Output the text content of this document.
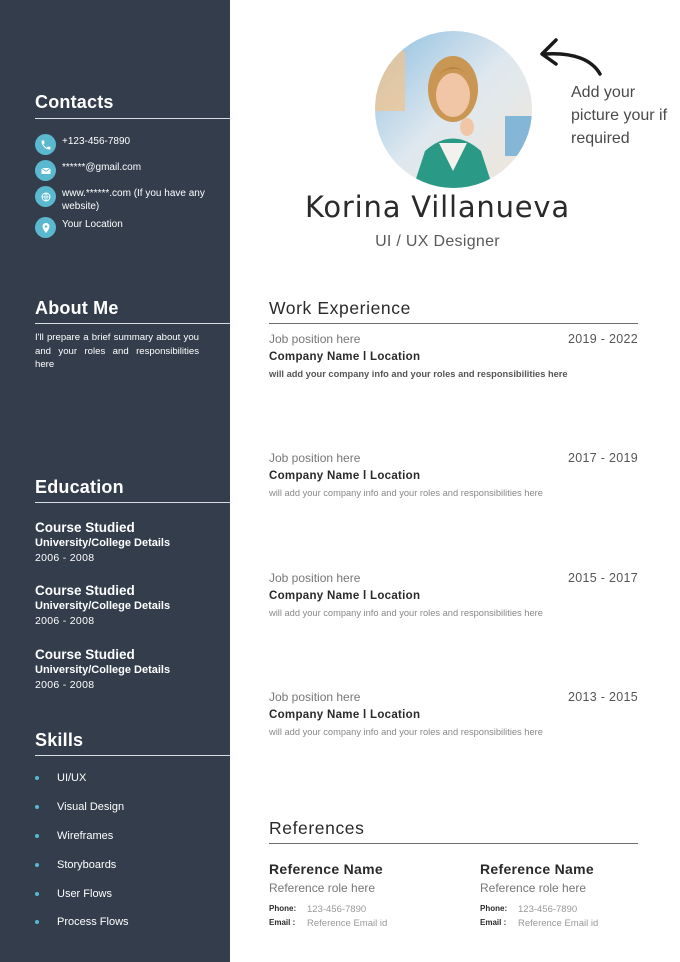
Contacts
+123-456-7890
******@gmail.com
www.******.com (If you have any website)
Your Location
About Me
I'll prepare a brief summary about you and your roles and responsibilities here
Education
Course Studied
University/College Details
2006 - 2008
Course Studied
University/College Details
2006 - 2008
Course Studied
University/College Details
2006 - 2008
Skills
UI/UX
Visual Design
Wireframes
Storyboards
User Flows
Process Flows
Add your picture your if required
Korina Villanueva
UI / UX Designer
Work Experience
Job position here	2019 - 2022
Company Name l Location
will add your company info and your roles and responsibilities here
Job position here	2017 - 2019
Company Name l Location
will add your company info and your roles and responsibilities here
Job position here	2015 - 2017
Company Name l Location
will add your company info and your roles and responsibilities here
Job position here	2013 - 2015
Company Name l Location
will add your company info and your roles and responsibilities here
References
Reference Name
Reference role here
Phone:	123-456-7890
Email :	Reference Email id
Reference Name
Reference role here
Phone:	123-456-7890
Email :	Reference Email id
